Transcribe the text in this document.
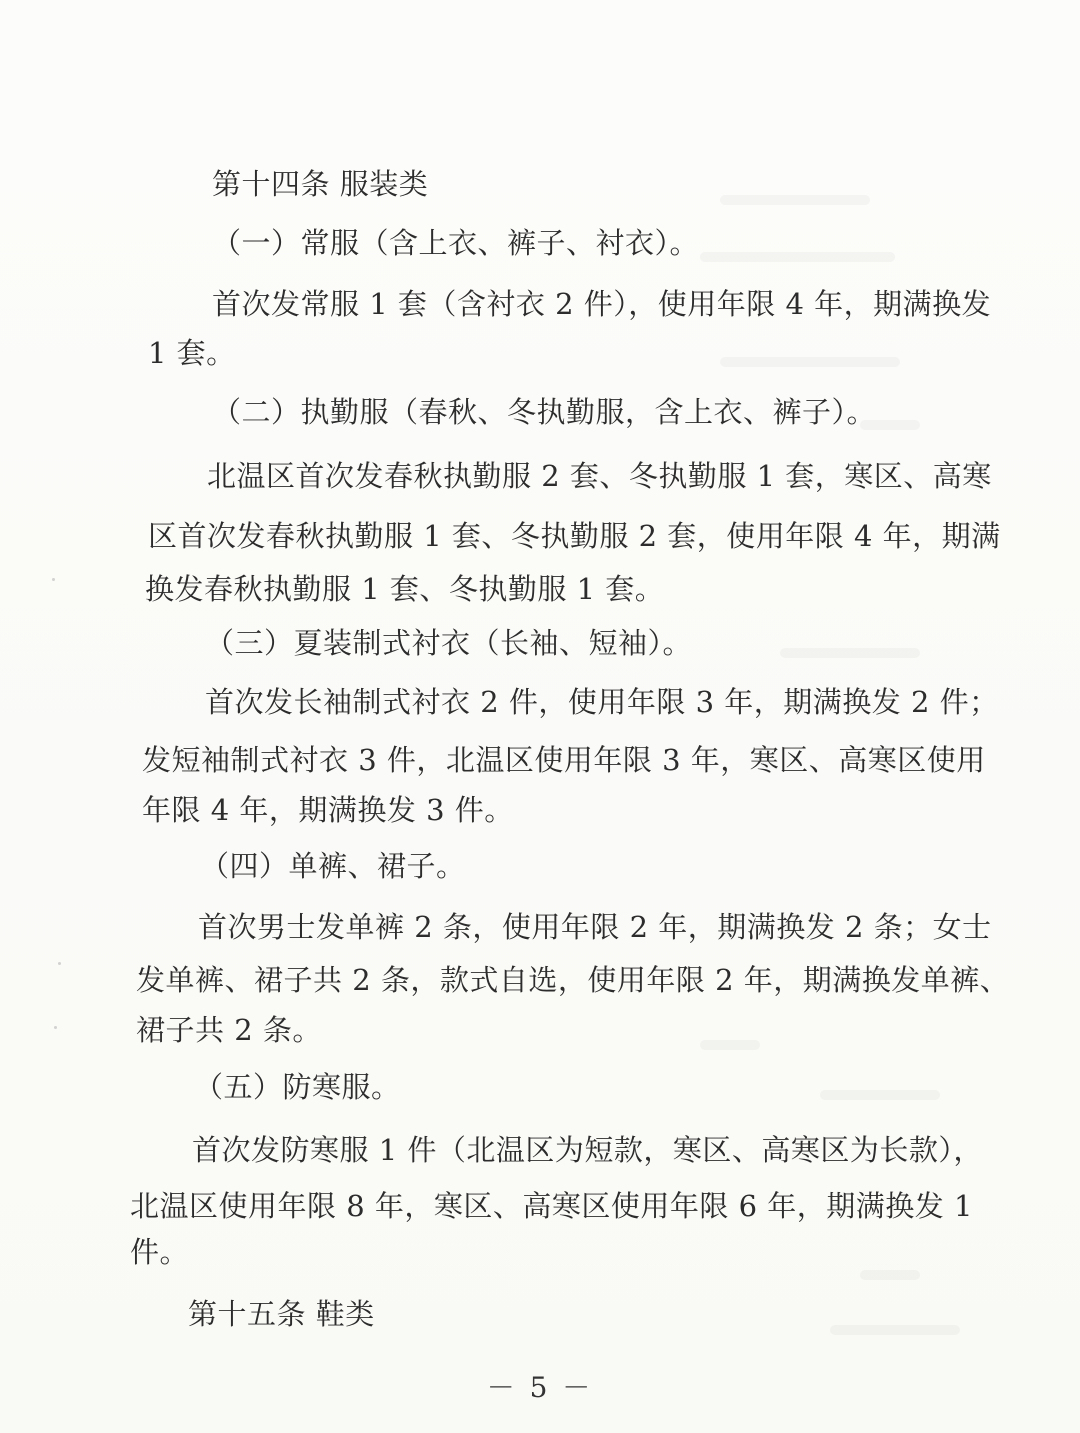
第十四条 服装类
（一）常服（含上衣、裤子、衬衣）。
首次发常服 1 套（含衬衣 2 件），使用年限 4 年，期满换发
1 套。
（二）执勤服（春秋、冬执勤服，含上衣、裤子）。
北温区首次发春秋执勤服 2 套、冬执勤服 1 套，寒区、高寒
区首次发春秋执勤服 1 套、冬执勤服 2 套，使用年限 4 年，期满
换发春秋执勤服 1 套、冬执勤服 1 套。
（三）夏装制式衬衣（长袖、短袖）。
首次发长袖制式衬衣 2 件，使用年限 3 年，期满换发 2 件；
发短袖制式衬衣 3 件，北温区使用年限 3 年，寒区、高寒区使用
年限 4 年，期满换发 3 件。
（四）单裤、裙子。
首次男士发单裤 2 条，使用年限 2 年，期满换发 2 条；女士
发单裤、裙子共 2 条，款式自选，使用年限 2 年，期满换发单裤、
裙子共 2 条。
（五）防寒服。
首次发防寒服 1 件（北温区为短款，寒区、高寒区为长款），
北温区使用年限 8 年，寒区、高寒区使用年限 6 年，期满换发 1
件。
第十五条 鞋类
－ 5 －
